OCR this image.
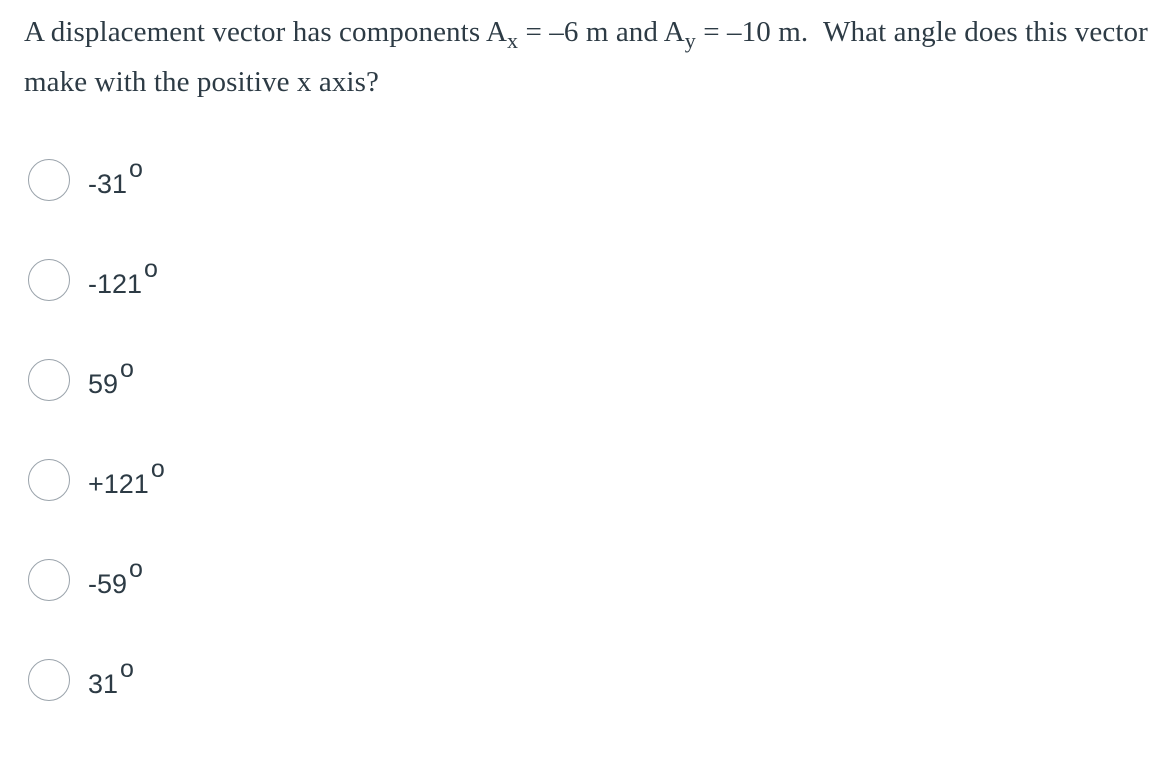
A displacement vector has components $A_x = -6$ m and $A_y = -10$ m. What angle does this vector make with the positive x axis?
-31o
-121o
59o
+121o
-59o
31o
